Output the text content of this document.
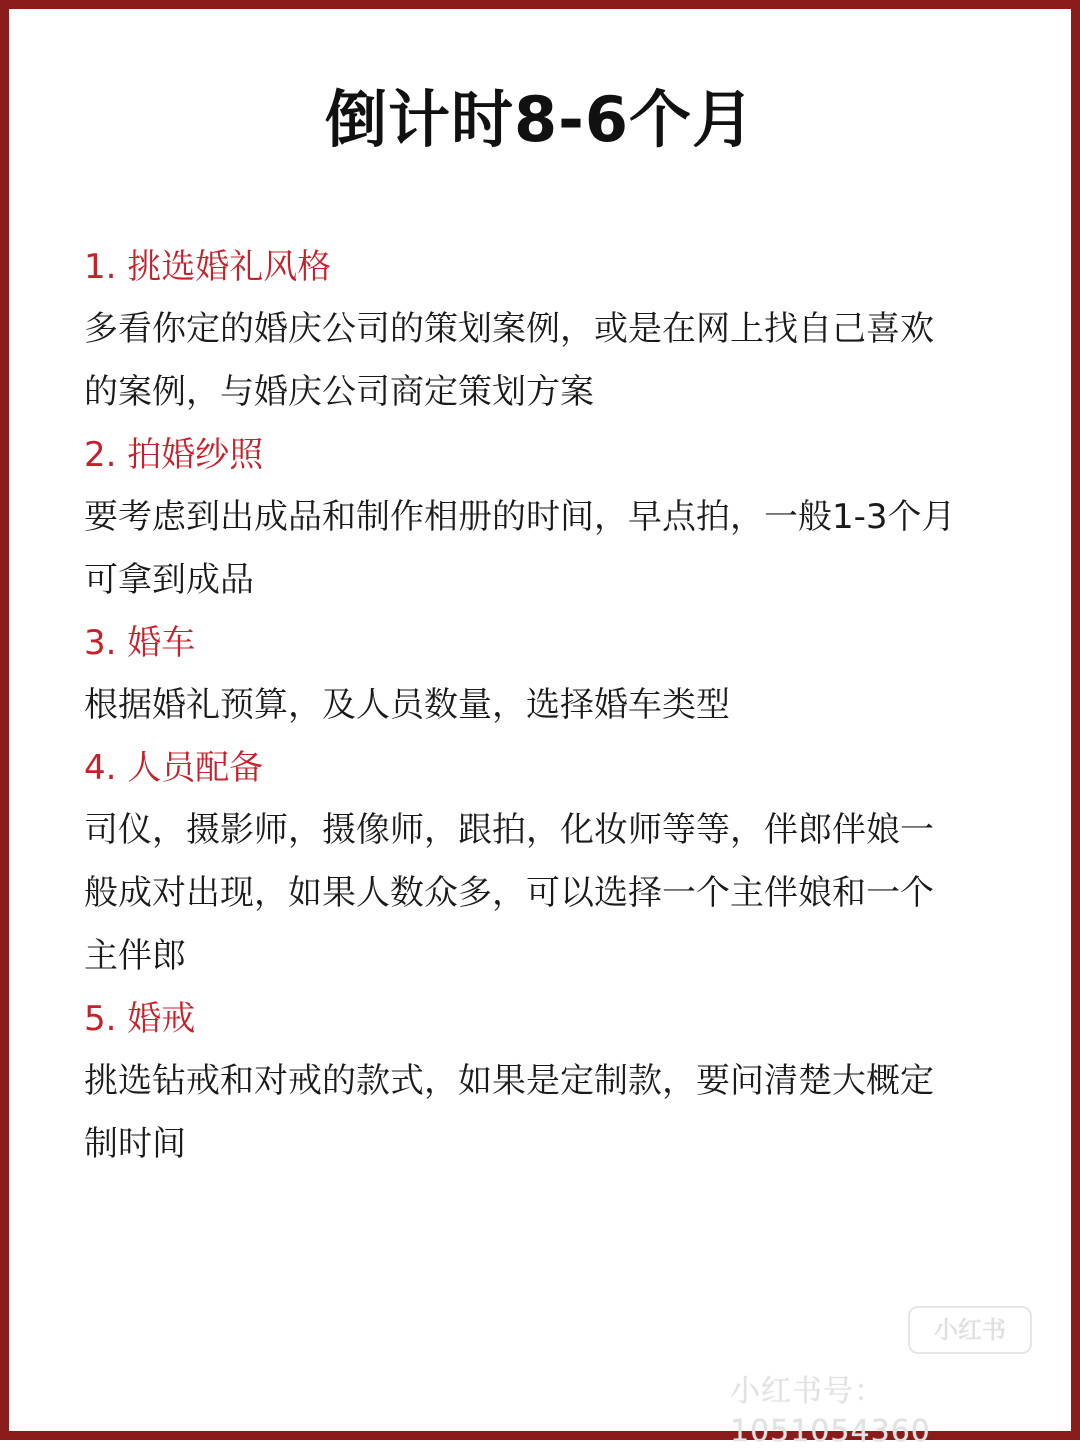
倒计时8-6个月

1. 挑选婚礼风格

多看你定的婚庆公司的策划案例，或是在网上找自己喜欢
的案例，与婚庆公司商定策划方案

2. 拍婚纱照

要考虑到出成品和制作相册的时间，早点拍，一般1-3个月
可拿到成品

3. 婚车

根据婚礼预算，及人员数量，选择婚车类型

4. 人员配备

司仪，摄影师，摄像师，跟拍，化妆师等等，伴郎伴娘一
般成对出现，如果人数众多，可以选择一个主伴娘和一个
主伴郎

5. 婚戒

挑选钻戒和对戒的款式，如果是定制款，要问清楚大概定
制时间

小红书
小红书号：1051054360
